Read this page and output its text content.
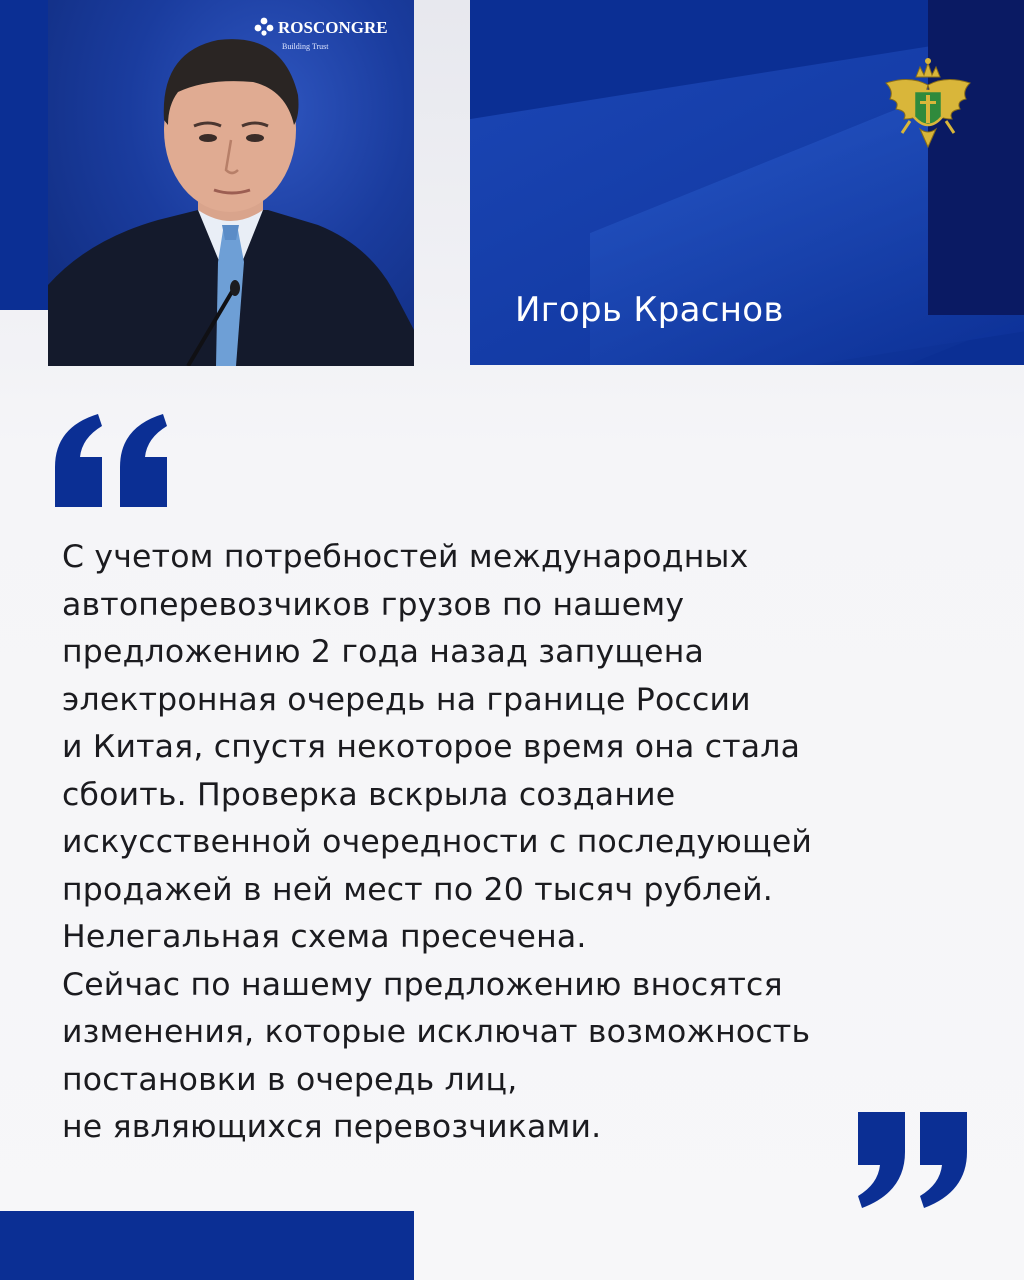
ROSCONGRE
Building Trust
Игорь Краснов
С учетом потребностей международных
автоперевозчиков грузов по нашему
предложению 2 года назад запущена
электронная очередь на границе России
и Китая, спустя некоторое время она стала
сбоить. Проверка вскрыла создание
искусственной очередности с последующей
продажей в ней мест по 20 тысяч рублей.
Нелегальная схема пресечена.
Сейчас по нашему предложению вносятся
изменения, которые исключат возможность
постановки в очередь лиц,
не являющихся перевозчиками.
